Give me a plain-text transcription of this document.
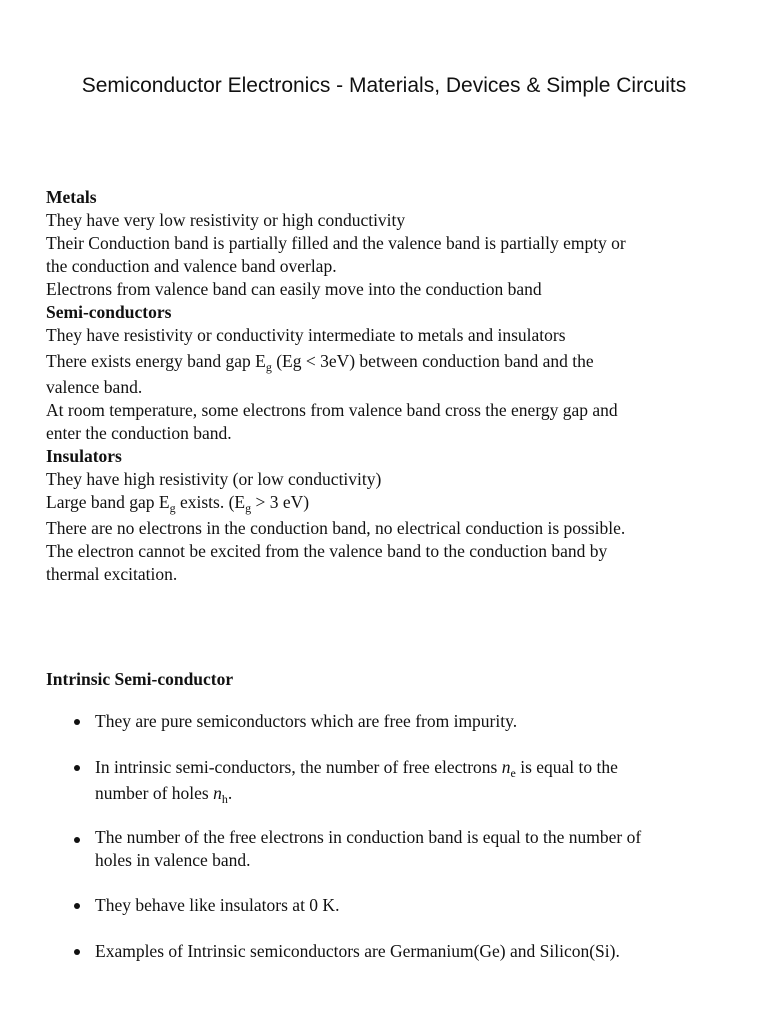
Semiconductor Electronics - Materials, Devices & Simple Circuits

Metals

They have very low resistivity or high conductivity

Their Conduction band is partially filled and the valence band is partially empty or

the conduction and valence band overlap.

Electrons from valence band can easily move into the conduction band

Semi-conductors

They have resistivity or conductivity intermediate to metals and insulators

There exists energy band gap $E_g$ (Eg < 3eV) between conduction band and the

valence band.

At room temperature, some electrons from valence band cross the energy gap and

enter the conduction band.

Insulators

They have high resistivity (or low conductivity)

Large band gap $E_g$ exists. ($E_g > 3$ eV)

There are no electrons in the conduction band, no electrical conduction is possible.

The electron cannot be excited from the valence band to the conduction band by

thermal excitation.

Intrinsic Semi-conductor

They are pure semiconductors which are free from impurity.
In intrinsic semi-conductors, the number of free electrons $n_e$ is equal to the
number of holes $n_h$.
The number of the free electrons in conduction band is equal to the number of
holes in valence band.
They behave like insulators at 0 K.
Examples of Intrinsic semiconductors are Germanium(Ge) and Silicon(Si).
